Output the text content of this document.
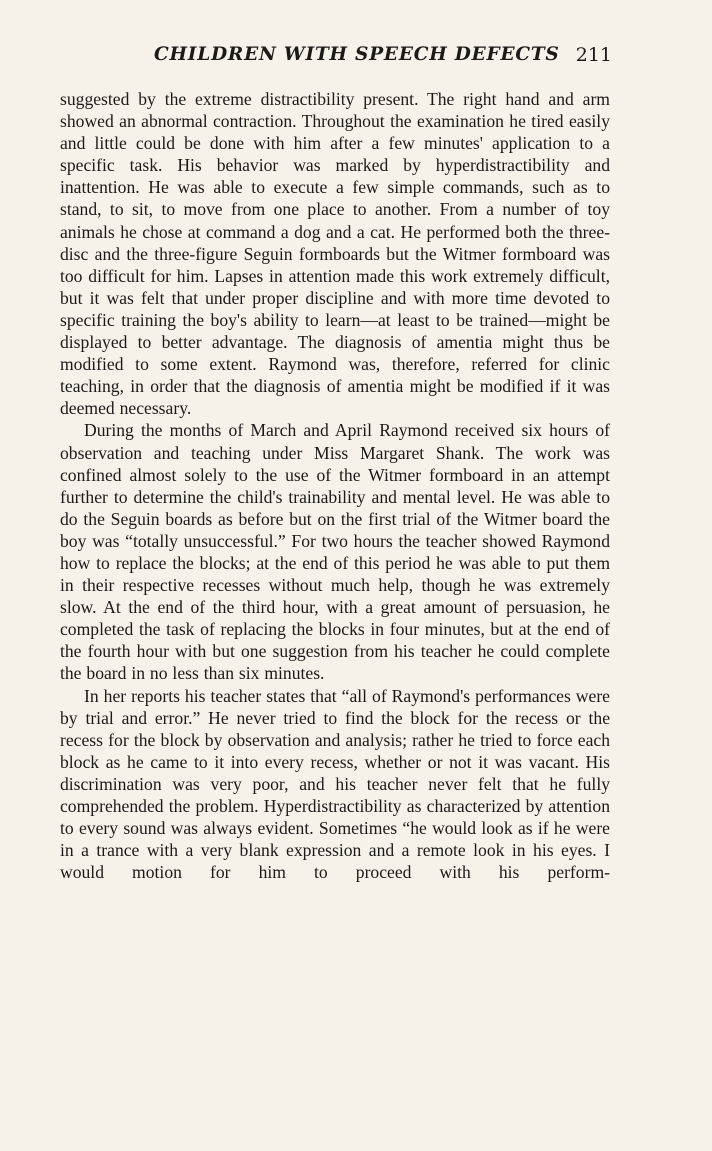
CHILDREN WITH SPEECH DEFECTS 211

suggested by the extreme distractibility present. The right hand and arm showed an abnormal contraction. Throughout the examination he tired easily and little could be done with him after a few minutes' application to a specific task. His behavior was marked by hyperdistractibility and inattention. He was able to execute a few simple commands, such as to stand, to sit, to move from one place to another. From a number of toy animals he chose at command a dog and a cat. He performed both the three-disc and the three-figure Seguin formboards but the Witmer formboard was too difficult for him. Lapses in attention made this work extremely difficult, but it was felt that under proper discipline and with more time devoted to specific training the boy's ability to learn—at least to be trained—might be displayed to better advantage. The diagnosis of amentia might thus be modified to some extent. Raymond was, therefore, referred for clinic teaching, in order that the diagnosis of amentia might be modified if it was deemed necessary.

During the months of March and April Raymond received six hours of observation and teaching under Miss Margaret Shank. The work was confined almost solely to the use of the Witmer formboard in an attempt further to determine the child's trainability and mental level. He was able to do the Seguin boards as before but on the first trial of the Witmer board the boy was “totally unsuccessful.” For two hours the teacher showed Raymond how to replace the blocks; at the end of this period he was able to put them in their respective recesses without much help, though he was extremely slow. At the end of the third hour, with a great amount of persuasion, he completed the task of replacing the blocks in four minutes, but at the end of the fourth hour with but one suggestion from his teacher he could complete the board in no less than six minutes.

In her reports his teacher states that “all of Raymond's performances were by trial and error.” He never tried to find the block for the recess or the recess for the block by observation and analysis; rather he tried to force each block as he came to it into every recess, whether or not it was vacant. His discrimination was very poor, and his teacher never felt that he fully comprehended the problem. Hyperdistractibility as characterized by attention to every sound was always evident. Sometimes “he would look as if he were in a trance with a very blank expression and a remote look in his eyes. I would motion for him to proceed with his perform-
